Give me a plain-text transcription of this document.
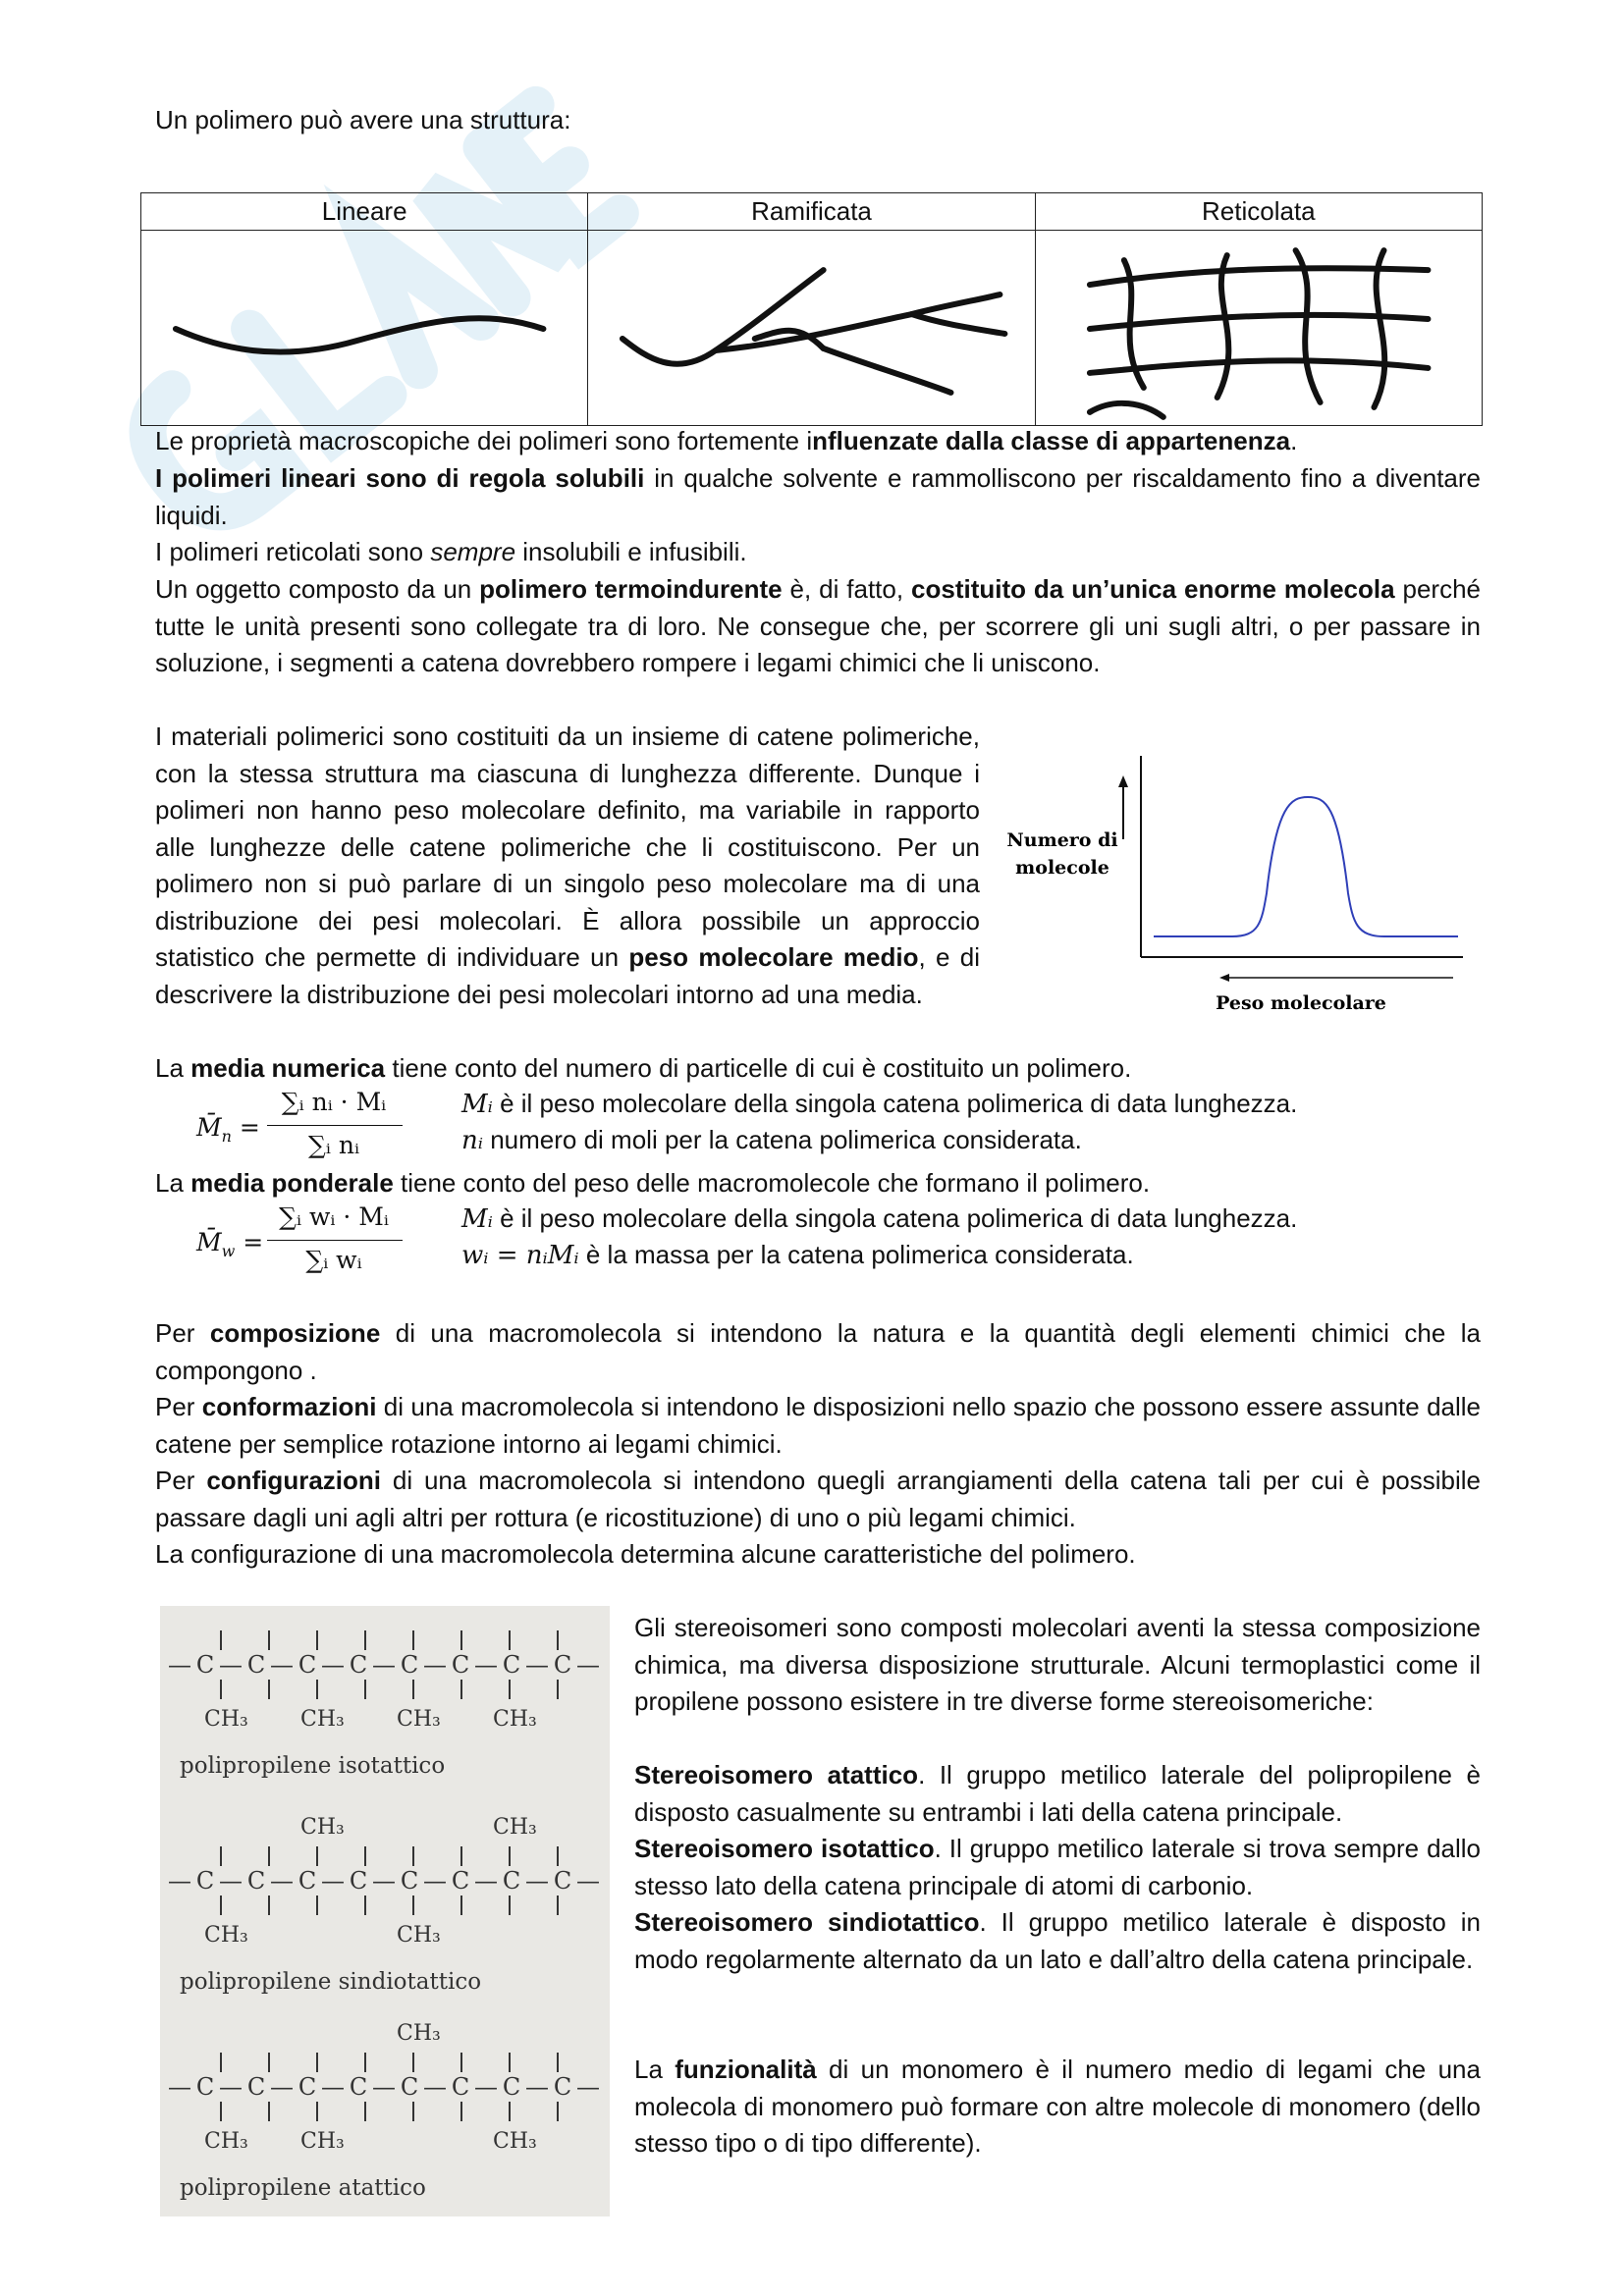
Un polimero può avere una struttura:

Lineare	Ramificata	Reticolata

Le proprietà macroscopiche dei polimeri sono fortemente influenzate dalla classe di appartenenza.

I polimeri lineari sono di regola solubili in qualche solvente e rammolliscono per riscaldamento fino a diventare liquidi.

I polimeri reticolati sono sempre insolubili e infusibili.

Un oggetto composto da un polimero termoindurente è, di fatto, costituito da un’unica enorme molecola perché tutte le unità presenti sono collegate tra di loro. Ne consegue che, per scorrere gli uni sugli altri, o per passare in soluzione, i segmenti a catena dovrebbero rompere i legami chimici che li uniscono.

I materiali polimerici sono costituiti da un insieme di catene polimeriche, con la stessa struttura ma ciascuna di lunghezza differente. Dunque i polimeri non hanno peso molecolare definito, ma variabile in rapporto alle lunghezze delle catene polimeriche che li costituiscono. Per un polimero non si può parlare di un singolo peso molecolare ma di una distribuzione dei pesi molecolari. È allora possibile un approccio statistico che permette di individuare un peso molecolare medio, e di descrivere la distribuzione dei pesi molecolari intorno ad una media.

Numero di
molecole
Peso molecolare

La media numerica tiene conto del numero di particelle di cui è costituito un polimero.

$M̄_n$ =
∑ᵢ nᵢ · Mᵢ
∑ᵢ nᵢ
Mᵢ è il peso molecolare della singola catena polimerica di data lunghezza.
nᵢ numero di moli per la catena polimerica considerata.

La media ponderale tiene conto del peso delle macromolecole che formano il polimero.

$M̄_w$ =
∑ᵢ wᵢ · Mᵢ
∑ᵢ wᵢ
Mᵢ è il peso molecolare della singola catena polimerica di data lunghezza.
wᵢ = nᵢMᵢ è la massa per la catena polimerica considerata.

Per composizione di una macromolecola si intendono la natura e la quantità degli elementi chimici che la compongono .

Per conformazioni di una macromolecola si intendono le disposizioni nello spazio che possono essere assunte dalle catene per semplice rotazione intorno ai legami chimici.

Per configurazioni di una macromolecola si intendono quegli arrangiamenti della catena tali per cui è possibile passare dagli uni agli altri per rottura (e ricostituzione) di uno o più legami chimici.

La configurazione di una macromolecola determina alcune caratteristiche del polimero.

—C—C—C—C—C—C—C—C—
CH₃ CH₃ CH₃ CH₃
polipropilene isotattico
CH₃	CH₃
—C—C—C—C—C—C—C—C—
CH₃	CH₃
polipropilene sindiotattico
CH₃
—C—C—C—C—C—C—C—C—
CH₃ CH₃	CH₃
polipropilene atattico

Gli stereoisomeri sono composti molecolari aventi la stessa composizione chimica, ma diversa disposizione strutturale. Alcuni termoplastici come il propilene possono esistere in tre diverse forme stereoisomeriche:

Stereoisomero atattico. Il gruppo metilico laterale del polipropilene è disposto casualmente su entrambi i lati della catena principale.

Stereoisomero isotattico. Il gruppo metilico laterale si trova sempre dallo stesso lato della catena principale di atomi di carbonio.

Stereoisomero sindiotattico. Il gruppo metilico laterale è disposto in modo regolarmente alternato da un lato e dall’altro della catena principale.

La funzionalità di un monomero è il numero medio di legami che una molecola di monomero può formare con altre molecole di monomero (dello stesso tipo o di tipo differente).
